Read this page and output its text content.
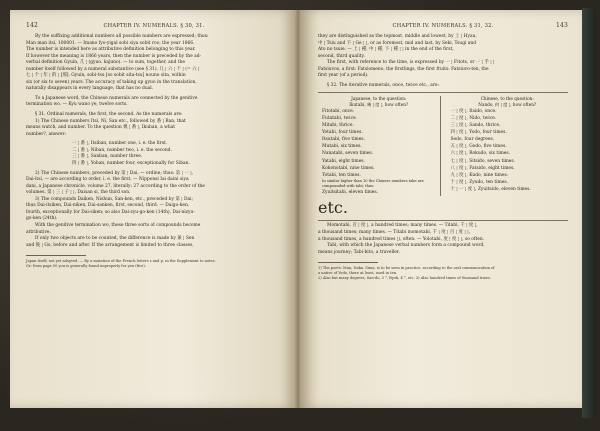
142	CHAPTER IV. NUMERALS. § 30, 31.

By the suffixing additional numbers all possible numbers are expressed; thus:

Man man itsi, 100001. — Imano fyo-yigal sobi siya sobit roo, the year 1866.

The number is intended here as attributive definition belonging to this year.

If however the meaning is 1866 years, then the number is preceded by the ad-

verbal definition Gyuin, 几 ¦ (gyuo. kajuno). — to sum, together, and the

number itself followed by a numeral substantive (see § 31). 几 ¦ 六 ¦ 个 ¦ (= 六 ¦

七 ¦ 个 ¦ 年 ¦ 的 ¦ [那]. Gyuin, sobi-tsu [so sobit sita-tsu] nouno sita, within

six (or six to seven) years. The accuracy of taking up gyuo in the translation,

naturally disappears in every language, that has no dual.

To a Japanese word, the Chinese numerals are connected by the genitive

termination wo. — Kyu wano ye, twelve sorts.

§ 31. Ordinal numerals, the first, the second. As the numerals are:

1) The Chinese numbers Itsi, Ni, San etc., followed by 番 ¦ Ban, that

means watch, and number. To the question 幾 ¦ 番 ¦, Ikuban, a what

number?, answer:

一 ¦ 番 ¦, Itsiban, number one, i. e. the first.

二 ¦ 番 ¦, Niban, number two, i. e. the second.

三 ¦ 番 ¦, Sanban, number three.

四 ¦ 番 ¦, Yoban, number four, exceptionally for Siban.

2) The Chinese numbers, preceded by 第 ¦ Dai, — ordine; thus: 第 ¦ 一 ¦,

Dai-itsi, — are according to order, i. e. the first. — Nipponsi Iai daini siya

dani, a Japanese chronicle, volume 27, literally: 27 according to the order of the

volumes. 第 ¦ 三 ¦ 子 ¦ ¦, Daisan si, the third son.

3) The compounds Daiken, Nishun, San-ken, etc., preceded by 第 ¦ Dai;

thus Dai-itsiken, Dai-niken, Dai-sanken, first, second, third. — Daigo-ken,

fourth, exceptionally for Dai-siken; so also Dai-zyu-go-ken (14th), Dai-nizyu-

go-ken (24th).

With the genitive termination wo, these three sorts of compounds become

attributive.

If only two objects are to be counted, the difference is made by 兼 ¦ Sen

and 後 ¦ Go, before and after. If the arrangement is limited to three classes,

Japan itself, not yet adopted. — By a mutation of the French letters s and p, in the Supplement to notes.

Or: from page 50 you is generally found improperly for yen (five).

CHAPTER IV. NUMERALS. § 31, 32.	143

they are distinguished as the topmost, middle and lowest, by 上 ¦ Hyau,

中 ¦ Tsiu and 下 ¦ Ge ¦ ¦, or as foremost, mid and last, by Seki, Tsugi and

Ato no tsuie. — 上 ¦ 種, 中 ¦ 種, 下 ¦ 種 ¦ ¦ in the end of the first,

second, third quality.

The first, with reference to the time, is expressed by 一 ¦ Fitots, or 一 ¦ 手 ¦ ¦

Fatsiuvos, a first: Fatsiomeno, the firstlings, the first fruits: Fatsiuvo-ten, the

first year (of a period).

§ 32. The iterative numerals, once, twice etc., are:

Japanese, to the question:
Ikutabi, 幾 ¦ 度 ¦, how often?
Fitotabi, once.
Futatabi, twice.
Mitabi, thrice.
Yotabi, four times.
Itsutabi, five times.
Mutabi, six times.
Nanatabi, seven times.
Yatabi, eight times.
Kokonotabi, nine times.
Totabi, ten times.
In similar higher than 10 the Chinese numbers take are compounded with tabi; thus:
Zyuitsitabi, eleven times.
Chinese, to the question:
Nando, 何 ¦ 度 ¦, how often?
一 ¦ 度 ¦, Itsido, once.
二 ¦ 度 ¦, Nido, twice.
三 ¦ 度 ¦, Sando, thrice.
四 ¦ 度 ¦, Yodo, four times.
Sedo, four degrees.
五 ¦ 度 ¦, Godo, five times.
六 ¦ 度 ¦, Rokudo, six times.
七 ¦ 度 ¦, Sitsido, seven times.
八 ¦ 度 ¦, Fatsido, eight times.
九 ¦ 度 ¦, Kudo, nine times.
十 ¦ 度 ¦, Zyudo, ten times.
十 ¦ 一 ¦ 度 ¦, Zyuitsido, eleven times.
etc.

Momotabi, 百 ¦ 度 ¦, a hundred times; many times. — Titabi, 千 ¦ 度 ¦,

a thousand times; many times. — Titabi momotabi, 千 ¦ 度 ¦ 百 ¦ 度 ¦ ¦,

a thousand times, a hundred times ¦), often. — Yolotabi, 度 ¦ 度 ¦ ¦, so often.

Tabi, with which the Japanese verbal numbers form a compound word,

means journey; Tabi-bito, a traveller.

1) The poets: Man, Naka, Sima, is to be seen in practice, according to the oral communication of

a native of Yedo, there at least, used in ten.

2) Also but many degrees, San-do, 3 °, Ryok, 4 °, etc. 3) Also hundred times of thousand times.
